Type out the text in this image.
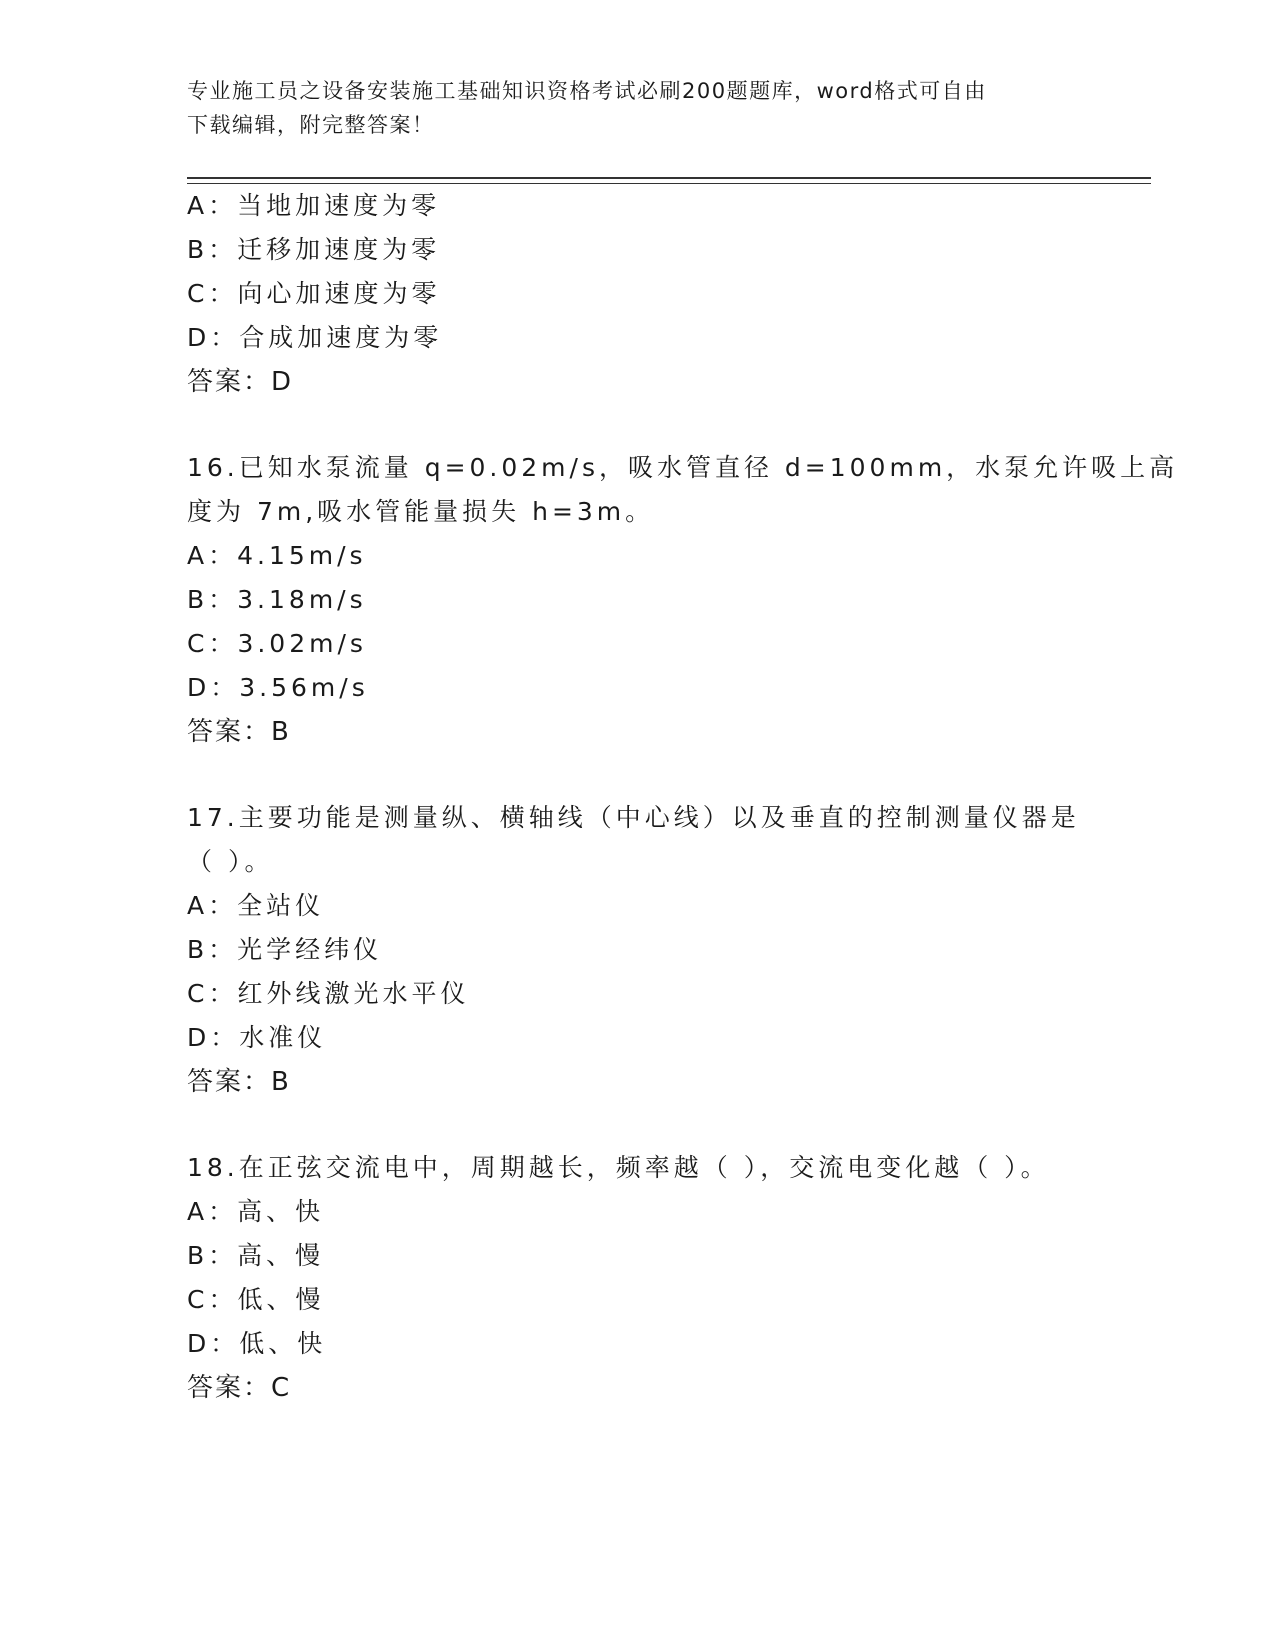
专业施工员之设备安装施工基础知识资格考试必刷200题题库，word格式可自由
下载编辑，附完整答案！
A：当地加速度为零
B：迁移加速度为零
C：向心加速度为零
D：合成加速度为零
答案：D
16.已知水泵流量 q=0.02m/s，吸水管直径 d=100mm，水泵允许吸上高
度为 7m,吸水管能量损失 h=3m。
A：4.15m/s
B：3.18m/s
C：3.02m/s
D：3.56m/s
答案：B
17.主要功能是测量纵、横轴线（中心线）以及垂直的控制测量仪器是
（ ）。
A：全站仪
B：光学经纬仪
C：红外线激光水平仪
D：水准仪
答案：B
18.在正弦交流电中，周期越长，频率越（ ），交流电变化越（ ）。
A：高、快
B：高、慢
C：低、慢
D：低、快
答案：C
